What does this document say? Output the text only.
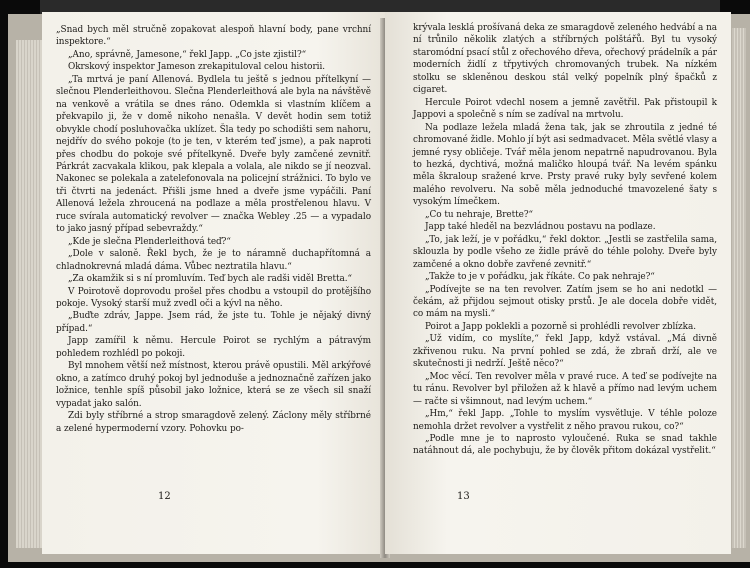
„Snad bych měl stručně zopakovat alespoň hlavní body, pane vrchní inspektore.“

„Ano, správně, Jamesone,“ řekl Japp. „Co jste zjistil?“

Okrskový inspektor Jameson zrekapituloval celou historii.

„Ta mrtvá je paní Allenová. Bydlela tu ještě s jednou přítelkyní — slečnou Plenderleithovou. Slečna Plenderleithová ale byla na návštěvě na venkově a vrátila se dnes ráno. Odemkla si vlastním klíčem a překvapilo ji, že v domě nikoho nenašla. V devět hodin sem totiž obvykle chodí posluhovačka uklízet. Šla tedy po schodišti sem nahoru, nejdřív do svého pokoje (to je ten, v kterém teď jsme), a pak naproti přes chodbu do pokoje své přítelkyně. Dveře byly zamčené zevnitř. Párkrát zacvakala klikou, pak klepala a volala, ale nikdo se jí neozval. Nakonec se polekala a zatelefonovala na policejní strážnici. To bylo ve tři čtvrti na jedenáct. Přišli jsme hned a dveře jsme vypáčili. Paní Allenová ležela zhroucená na podlaze a měla prostřelenou hlavu. V ruce svírala automatický revolver — značka Webley .25 — a vypadalo to jako jasný případ sebevraždy.“

„Kde je slečna Plenderleithová teď?“

„Dole v saloně. Řekl bych, že je to náramně duchapřítomná a chladnokrevná mladá dáma. Vůbec neztratila hlavu.“

„Za okamžik si s ní promluvím. Teď bych ale radši viděl Bretta.“

V Poirotově doprovodu prošel přes chodbu a vstoupil do protějšího pokoje. Vysoký starší muž zvedl oči a kývl na něho.

„Buďte zdráv, Jappe. Jsem rád, že jste tu. Tohle je nějaký divný případ.“

Japp zamířil k němu. Hercule Poirot se rychlým a pátravým pohledem rozhlédl po pokoji.

Byl mnohem větší než místnost, kterou právě opustili. Měl arkýřové okno, a zatímco druhý pokoj byl jednoduše a jednoznačně zařízen jako ložnice, tenhle spíš působil jako ložnice, která se ze všech sil snaží vypadat jako salón.

Zdi byly stříbrné a strop smaragdově zelený. Záclony měly stříbrné a zelené hypermoderní vzory. Pohovku po-

12

krývala lesklá prošívaná deka ze smaragdově zeleného hedvábí a na ní trůnilo několik zlatých a stříbrných polštářů. Byl tu vysoký staromódní psací stůl z ořechového dřeva, ořechový prádelník a pár moderních židlí z třpytivých chromovaných trubek. Na nízkém stolku se skleněnou deskou stál velký popelník plný špačků z cigaret.

Hercule Poirot vdechl nosem a jemně zavětřil. Pak přistoupil k Jappovi a společně s ním se zadíval na mrtvolu.

Na podlaze ležela mladá žena tak, jak se zhroutila z jedné té chromované židle. Mohlo jí být asi sedmadvacet. Měla světlé vlasy a jemné rysy obličeje. Tvář měla jenom nepatrně napudrovanou. Byla to hezká, dychtivá, možná maličko hloupá tvář. Na levém spánku měla škraloup sražené krve. Prsty pravé ruky byly sevřené kolem malého revolveru. Na sobě měla jednoduché tmavozelené šaty s vysokým límečkem.

„Co tu nehraje, Brette?“

Japp také hleděl na bezvládnou postavu na podlaze.

„To, jak leží, je v pořádku,“ řekl doktor. „Jestli se zastřelila sama, sklouzla by podle všeho ze židle právě do téhle polohy. Dveře byly zamčené a okno dobře zavřené zevnitř.“

„Takže to je v pořádku, jak říkáte. Co pak nehraje?“

„Podívejte se na ten revolver. Zatím jsem se ho ani nedotkl — čekám, až přijdou sejmout otisky prstů. Je ale docela dobře vidět, co mám na mysli.“

Poirot a Japp poklekli a pozorně si prohlédli revolver zblízka.

„Už vidím, co myslíte,“ řekl Japp, když vstával. „Má divně zkřivenou ruku. Na první pohled se zdá, že zbraň drží, ale ve skutečnosti ji nedrží. Ještě něco?“

„Moc věcí. Ten revolver měla v pravé ruce. A teď se podívejte na tu ránu. Revolver byl přiložen až k hlavě a přímo nad levým uchem — račte si všimnout, nad levým uchem.“

„Hm,“ řekl Japp. „Tohle to myslím vysvětluje. V téhle poloze nemohla držet revolver a vystřelit z něho pravou rukou, co?“

„Podle mne je to naprosto vyloučené. Ruka se snad takhle natáhnout dá, ale pochybuju, že by člověk přitom dokázal vystřelit.“

13
